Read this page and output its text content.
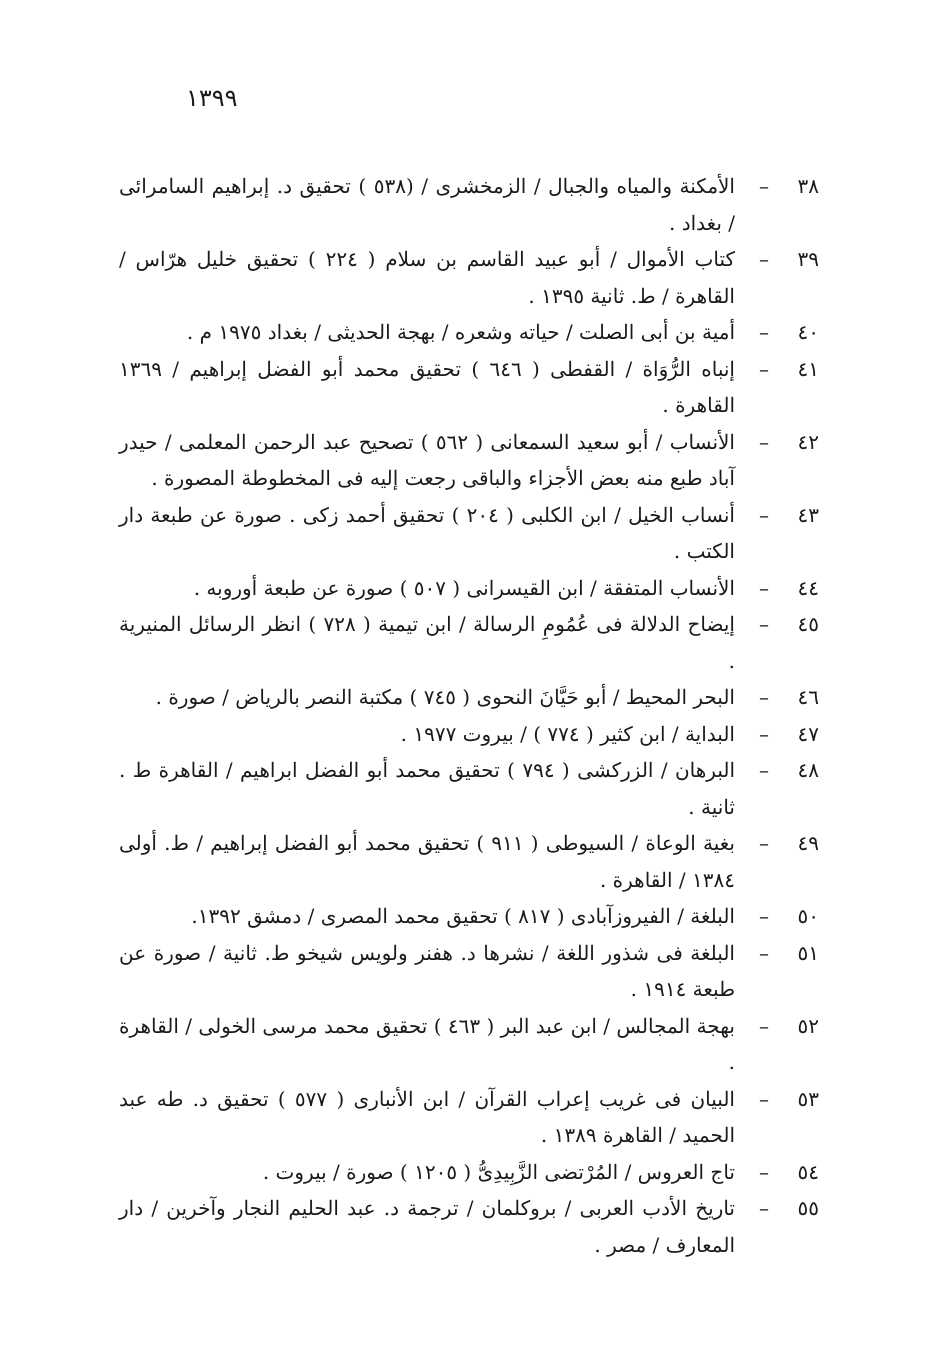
١٣٩٩
٣٨
–
الأمكنة والمياه والجبال / الزمخشرى / (٥٣٨ ) تحقيق د. إبراهيم السامرائى / بغداد .
٣٩
–
كتاب الأموال / أبو عبيد القاسم بن سلام ( ٢٢٤ ) تحقيق خليل هرّاس / القاهرة / ط. ثانية ١٣٩٥ .
٤٠
–
أمية بن أبى الصلت / حياته وشعره / بهجة الحديثى / بغداد ١٩٧٥ م .
٤١
–
إنباه الرُّوَاة / القفطى ( ٦٤٦ ) تحقيق محمد أبو الفضل إبراهيم / ١٣٦٩ القاهرة .
٤٢
–
الأنساب / أبو سعيد السمعانى ( ٥٦٢ ) تصحيح عبد الرحمن المعلمى / حيدر آباد طبع منه بعض الأجزاء والباقى رجعت إليه فى المخطوطة المصورة .
٤٣
–
أنساب الخيل / ابن الكلبى ( ٢٠٤ ) تحقيق أحمد زكى . صورة عن طبعة دار الكتب .
٤٤
–
الأنساب المتفقة / ابن القيسرانى ( ٥٠٧ ) صورة عن طبعة أوروبه .
٤٥
–
إيضاح الدلالة فى عُمُومِ الرسالة / ابن تيمية ( ٧٢٨ ) انظر الرسائل المنيرية .
٤٦
–
البحر المحيط / أبو حَيَّانَ النحوى ( ٧٤٥ ) مكتبة النصر بالرياض / صورة .
٤٧
–
البداية / ابن كثير ( ٧٧٤ ) / بيروت ١٩٧٧ .
٤٨
–
البرهان / الزركشى ( ٧٩٤ ) تحقيق محمد أبو الفضل ابراهيم / القاهرة ط . ثانية .
٤٩
–
بغية الوعاة / السيوطى ( ٩١١ ) تحقيق محمد أبو الفضل إبراهيم / ط. أولى ١٣٨٤ / القاهرة .
٥٠
–
البلغة / الفيروزآبادى ( ٨١٧ ) تحقيق محمد المصرى / دمشق ١٣٩٢.
٥١
–
البلغة فى شذور اللغة / نشرها د. هفنر ولويس شيخو ط. ثانية / صورة عن طبعة ١٩١٤ .
٥٢
–
بهجة المجالس / ابن عبد البر ( ٤٦٣ ) تحقيق محمد مرسى الخولى / القاهرة .
٥٣
–
البيان فى غريب إعراب القرآن / ابن الأنبارى ( ٥٧٧ ) تحقيق د. طه عبد الحميد / القاهرة ١٣٨٩ .
٥٤
–
تاج العروس / المُرْتضى الزَّبِيدِىُّ ( ١٢٠٥ ) صورة / بيروت .
٥٥
–
تاريخ الأدب العربى / بروكلمان / ترجمة د. عبد الحليم النجار وآخرين / دار المعارف / مصر .
